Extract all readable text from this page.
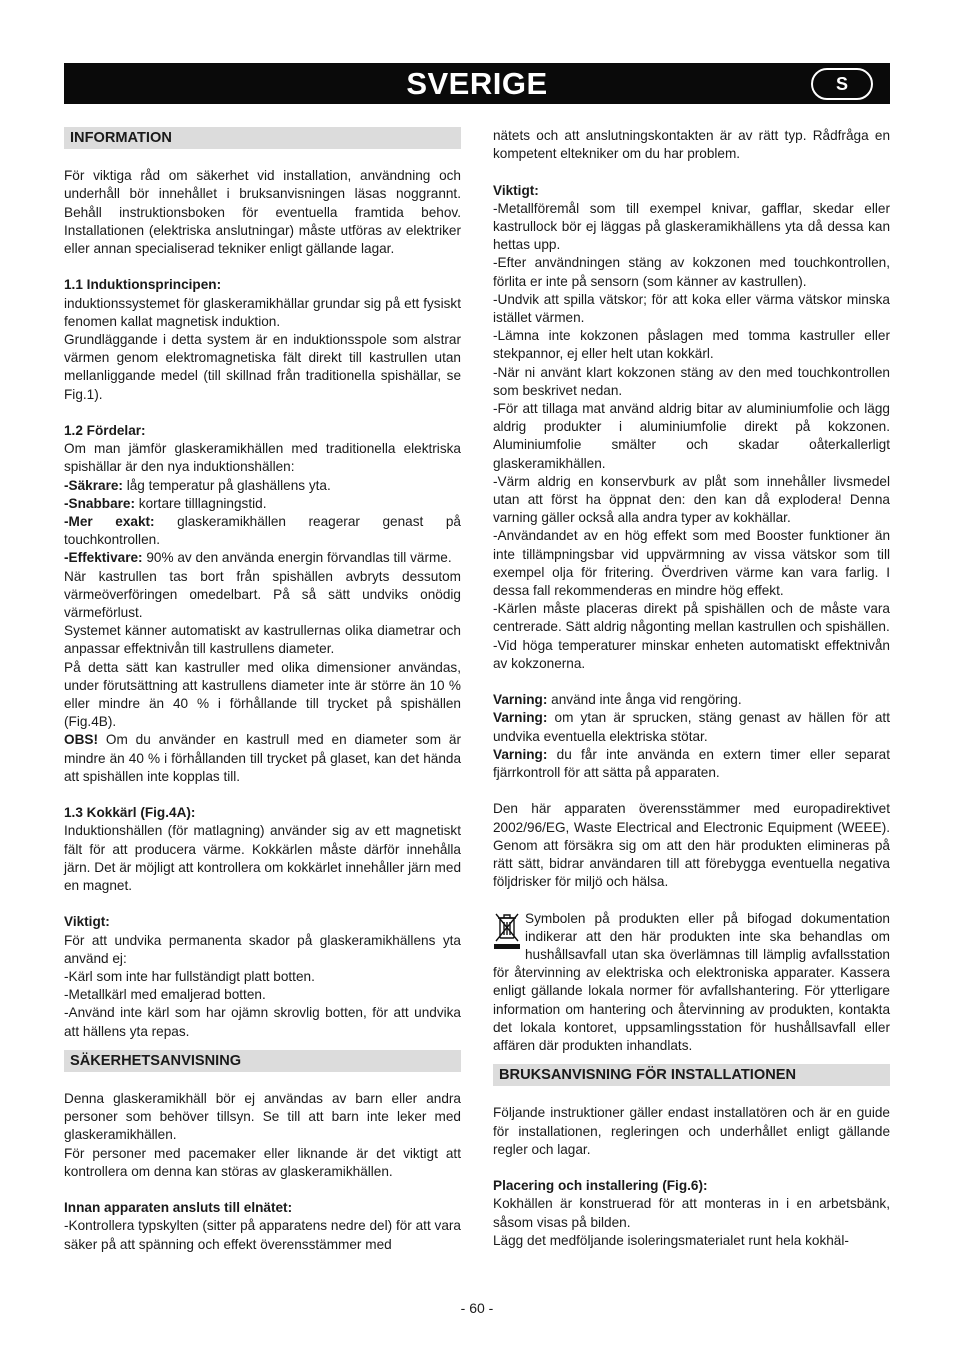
SVERIGE	S
INFORMATION

För viktiga råd om säkerhet vid installation, användning och underhåll bör innehållet i bruksanvisningen läsas noggrannt. Behåll instruktionsboken för eventuella framtida behov. Installationen (elektriska anslutningar) måste utföras av elektriker eller annan specialiserad tekniker enligt gällande lagar.

1.1 Induktionsprincipen:

induktionssystemet för glaskeramikhällar grundar sig på ett fysiskt fenomen kallat magnetisk induktion.

Grundläggande i detta system är en induktionsspole som alstrar värmen genom elektromagnetiska fält direkt till kastrullen utan mellanliggande medel (till skillnad från traditionella spishällar, se Fig.1).

1.2 Fördelar:

Om man jämför glaskeramikhällen med traditionella elektriska spishällar är den nya induktionshällen:

-Säkrare: låg temperatur på glashällens yta.

-Snabbare: kortare tilllagningstid.

-Mer exakt: glaskeramikhällen reagerar genast på touchkontrollen.

-Effektivare: 90% av den använda energin förvandlas till värme.

När kastrullen tas bort från spishällen avbryts dessutom värmeöverföringen omedelbart. På så sätt undviks onödig värmeförlust.

Systemet känner automatiskt av kastrullernas olika diametrar och anpassar effektnivån till kastrullens diameter.

På detta sätt kan kastruller med olika dimensioner användas, under förutsättning att kastrullens diameter inte är större än 10 % eller mindre än 40 % i förhållande till trycket på spishällen (Fig.4B).

OBS! Om du använder en kastrull med en diameter som är mindre än 40 % i förhållanden till trycket på glaset, kan det hända att spishällen inte kopplas till.

1.3 Kokkärl (Fig.4A):

Induktionshällen (för matlagning) använder sig av ett magnetiskt fält för att producera värme. Kokkärlen måste därför innehålla järn. Det är möjligt att kontrollera om kokkärlet innehåller järn med en magnet.

Viktigt:

För att undvika permanenta skador på glaskeramikhällens yta använd ej:

-Kärl som inte har fullständigt platt botten.

-Metallkärl med emaljerad botten.

-Använd inte kärl som har ojämn skrovlig botten, för att undvika att hällens yta repas.

SÄKERHETSANVISNING

Denna glaskeramikhäll bör ej användas av barn eller andra personer som behöver tillsyn. Se till att barn inte leker med glaskeramikhällen.

För personer med pacemaker eller liknande är det viktigt att kontrollera om denna kan störas av glaskeramikhällen.

Innan apparaten ansluts till elnätet:

-Kontrollera typskylten (sitter på apparatens nedre del) för att vara säker på att spänning och effekt överensstämmer med

nätets och att anslutningskontakten är av rätt typ. Rådfråga en kompetent eltekniker om du har problem.

Viktigt:

-Metallföremål som till exempel knivar, gafflar, skedar eller kastrullock bör ej läggas på glaskeramikhällens yta då dessa kan hettas upp.

-Efter användningen stäng av kokzonen med touchkontrollen, förlita er inte på sensorn (som känner av kastrullen).

-Undvik att spilla vätskor; för att koka eller värma vätskor minska istället värmen.

-Lämna inte kokzonen påslagen med tomma kastruller eller stekpannor, ej eller helt utan kokkärl.

-När ni använt klart kokzonen stäng av den med touchkontrollen som beskrivet nedan.

-För att tillaga mat använd aldrig bitar av aluminiumfolie och lägg aldrig produkter i aluminiumfolie direkt på kokzonen. Aluminiumfolie smälter och skadar oåterkallerligt glaskeramikhällen.

-Värm aldrig en konservburk av plåt som innehåller livsmedel utan att först ha öppnat den: den kan då explodera! Denna varning gäller också alla andra typer av kokhällar.

-Användandet av en hög effekt som med Booster funktioner än inte tillämpningsbar vid uppvärmning av vissa vätskor som till exempel olja för fritering. Överdriven värme kan vara farlig. I dessa fall rekommenderas en mindre hög effekt.

-Kärlen måste placeras direkt på spishällen och de måste vara centrerade. Sätt aldrig någonting mellan kastrullen och spishällen.

-Vid höga temperaturer minskar enheten automatiskt effektnivån av kokzonerna.

Varning: använd inte ånga vid rengöring.

Varning: om ytan är sprucken, stäng genast av hällen för att undvika eventuella elektriska stötar.

Varning: du får inte använda en extern timer eller separat fjärrkontroll för att sätta på apparaten.

Den här apparaten överensstämmer med europadirektivet 2002/96/EG, Waste Electrical and Electronic Equipment (WEEE). Genom att försäkra sig om att den här produkten elimineras på rätt sätt, bidrar användaren till att förebygga eventuella negativa följdrisker för miljö och hälsa.

Symbolen på produkten eller på bifogad dokumentation indikerar att den här produkten inte ska behandlas om hushållsavfall utan ska överlämnas till lämplig avfallsstation för återvinning av elektriska och elektroniska apparater. Kassera enligt gällande lokala normer för avfallshantering. För ytterligare information om hantering och återvinning av produkten, kontakta det lokala kontoret, uppsamlingsstation för hushållsavfall eller affären där produkten inhandlats.

BRUKSANVISNING FÖR INSTALLATIONEN

Följande instruktioner gäller endast installatören och är en guide för installationen, regleringen och underhållet enligt gällande regler och lagar.

Placering och installering (Fig.6):

Kokhällen är konstruerad för att monteras in i en arbetsbänk, såsom visas på bilden.

Lägg det medföljande isoleringsmaterialet runt hela kokhäl-

- 60 -
